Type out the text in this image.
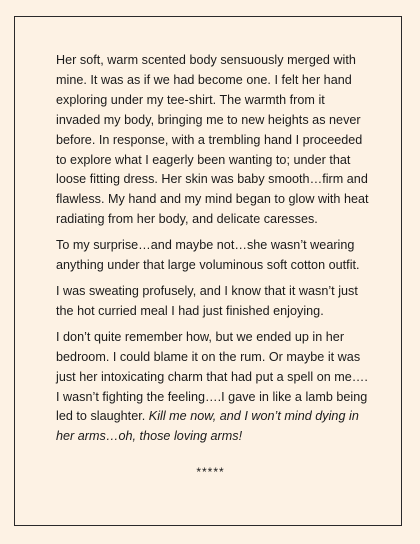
Her soft, warm scented body sensuously merged with mine. It was as if we had become one. I felt her hand exploring under my tee-shirt. The warmth from it invaded my body, bringing me to new heights as never before. In response, with a trembling hand I proceeded to explore what I eagerly been wanting to; under that loose fitting dress. Her skin was baby smooth…firm and flawless. My hand and my mind began to glow with heat radiating from her body, and delicate caresses.

To my surprise…and maybe not…she wasn’t wearing anything under that large voluminous soft cotton outfit.

I was sweating profusely, and I know that it wasn’t just the hot curried meal I had just finished enjoying.

I don’t quite remember how, but we ended up in her bedroom. I could blame it on the rum. Or maybe it was just her intoxicating charm that had put a spell on me…. I wasn’t fighting the feeling….I gave in like a lamb being led to slaughter. Kill me now, and I won’t mind dying in her arms…oh, those loving arms!

*****
